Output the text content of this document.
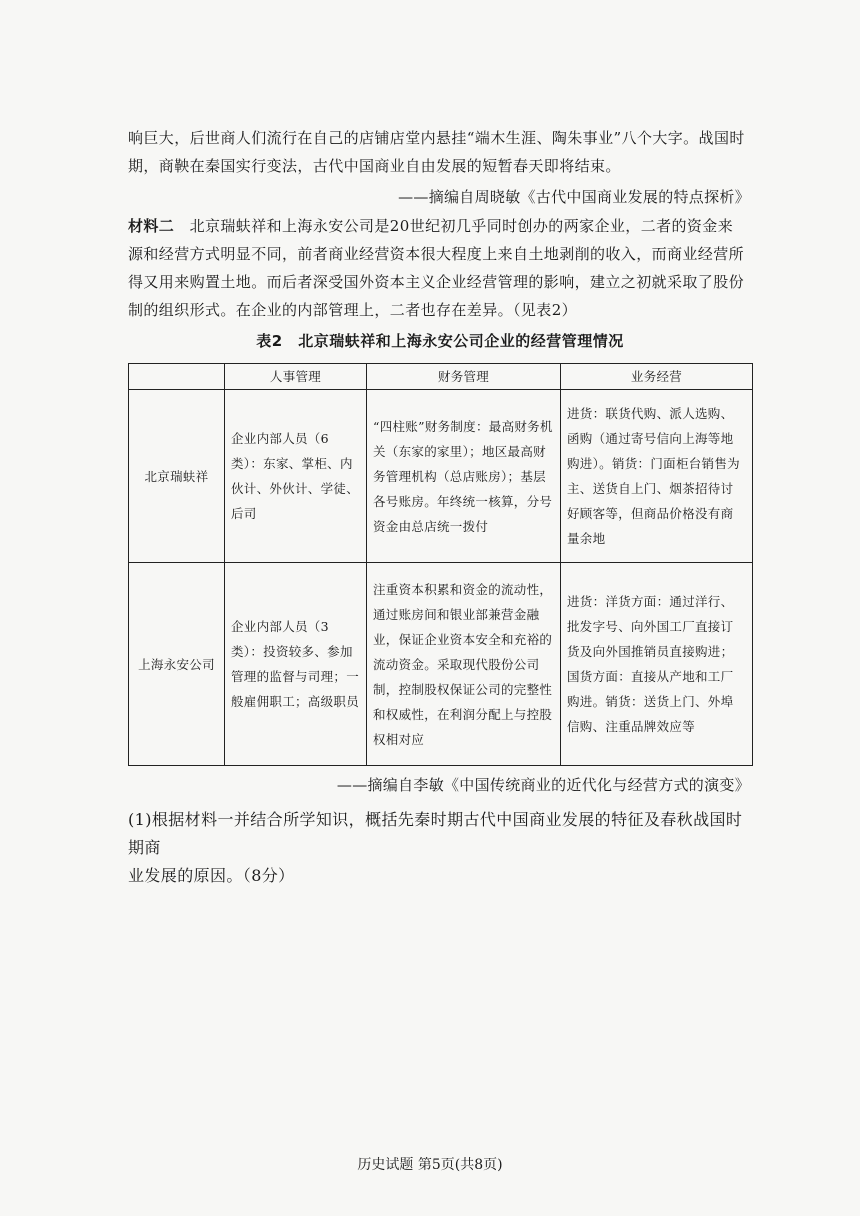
响巨大，后世商人们流行在自己的店铺店堂内悬挂“端木生涯、陶朱事业”八个大字。战国时
期，商鞅在秦国实行变法，古代中国商业自由发展的短暂春天即将结束。
——摘编自周晓敏《古代中国商业发展的特点探析》
材料二　北京瑞蚨祥和上海永安公司是20世纪初几乎同时创办的两家企业，二者的资金来
源和经营方式明显不同，前者商业经营资本很大程度上来自土地剥削的收入，而商业经营所
得又用来购置土地。而后者深受国外资本主义企业经营管理的影响，建立之初就采取了股份
制的组织形式。在企业的内部管理上，二者也存在差异。（见表2）
表2　北京瑞蚨祥和上海永安公司企业的经营管理情况
	人事管理	财务管理	业务经营
北京瑞蚨祥	企业内部人员（6类）：东家、掌柜、内伙计、外伙计、学徒、后司	“四柱账”财务制度：最高财务机关（东家的家里）；地区最高财务管理机构（总店账房）；基层各号账房。年终统一核算，分号资金由总店统一拨付	进货：联货代购、派人选购、函购（通过寄号信向上海等地购进）。销货：门面柜台销售为主、送货自上门、烟茶招待讨好顾客等，但商品价格没有商量余地
上海永安公司	企业内部人员（3类）：投资较多、参加管理的监督与司理；一般雇佣职工；高级职员	注重资本积累和资金的流动性，通过账房间和银业部兼营金融业，保证企业资本安全和充裕的流动资金。采取现代股份公司制，控制股权保证公司的完整性和权威性，在利润分配上与控股权相对应	进货：洋货方面：通过洋行、批发字号、向外国工厂直接订货及向外国推销员直接购进；国货方面：直接从产地和工厂购进。销货：送货上门、外埠信购、注重品牌效应等
——摘编自李敏《中国传统商业的近代化与经营方式的演变》
(1)根据材料一并结合所学知识，概括先秦时期古代中国商业发展的特征及春秋战国时期商
业发展的原因。（8分）
历史试题 第5页(共8页)
